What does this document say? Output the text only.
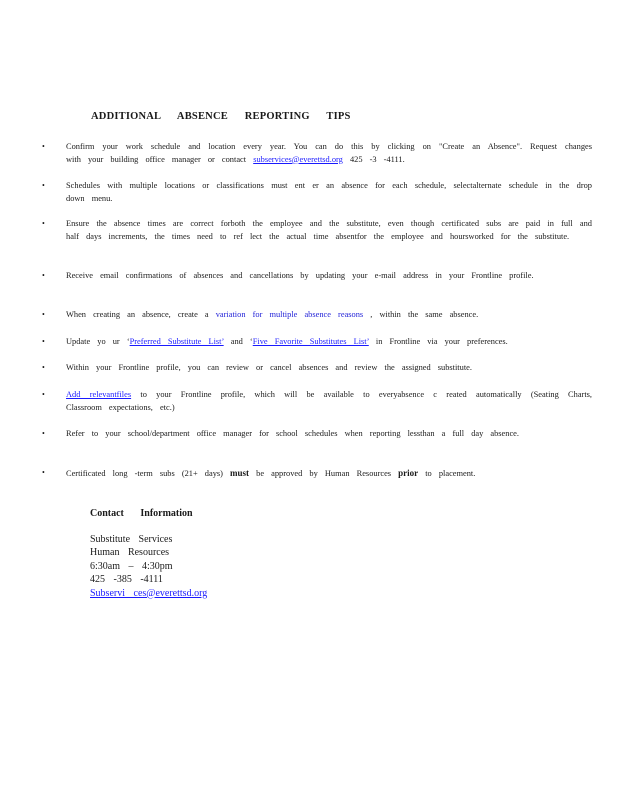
ADDITIONAL ABSENCE REPORTING TIPS
•	Confirm your work schedule and location every year. You can do this by clicking on "Create an Absence". Request changes with your building office manager or contact subservices@everettsd.org 425 -3 -4111.
•	Schedules with multiple locations or classifications must ent er an absence for each schedule, selectalternate schedule in the drop down menu.
•	Ensure the absence times are correct forboth the employee and the substitute, even though certificated subs are paid in full and half days increments, the times need to ref lect the actual time absentfor the employee and hoursworked for the substitute.
•	Receive email confirmations of absences and cancellations by updating your e-mail address in your Frontline profile.
•	When creating an absence, create a variation for multiple absence reasons , within the same absence.
•	Update yo ur ‘Preferred Substitute List’ and ‘Five Favorite Substitutes List’ in Frontline via your preferences.
•	Within your Frontline profile, you can review or cancel absences and review the assigned substitute.
•	Add relevantfiles to your Frontline profile, which will be available to everyabsence c reated automatically (Seating Charts, Classroom expectations, etc.)
•	Refer to your school/department office manager for school schedules when reporting lessthan a full day absence.
•	Certificated long -term subs (21+ days) must be approved by Human Resources prior to placement.
Contact Information
Substitute Services
Human Resources
6:30am – 4:30pm
425 -385 -4111
Subservi ces@everettsd.org
